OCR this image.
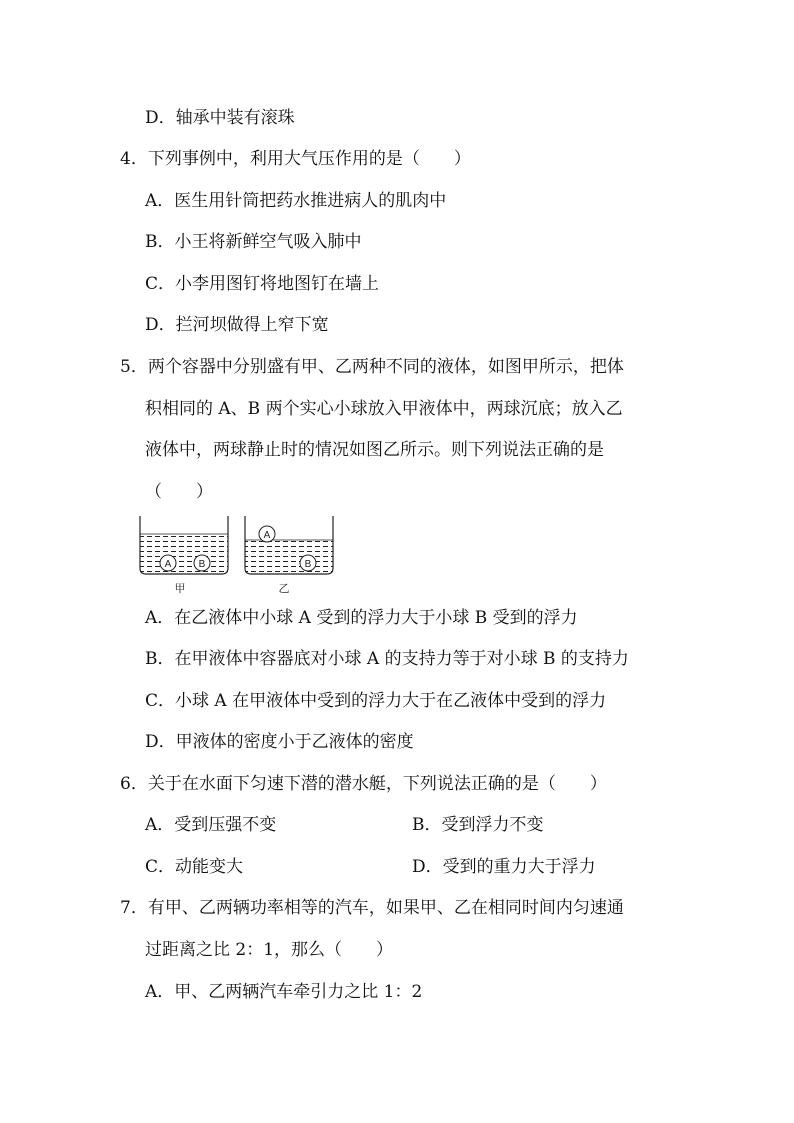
D．轴承中装有滚珠
4．下列事例中，利用大气压作用的是（　　）
A．医生用针筒把药水推进病人的肌肉中
B．小王将新鲜空气吸入肺中
C．小李用图钉将地图钉在墙上
D．拦河坝做得上窄下宽
5．两个容器中分别盛有甲、乙两种不同的液体，如图甲所示，把体
积相同的 A、B 两个实心小球放入甲液体中，两球沉底；放入乙
液体中，两球静止时的情况如图乙所示。则下列说法正确的是
（　　）
A	B
甲
A
B
乙
A．在乙液体中小球 A 受到的浮力大于小球 B 受到的浮力
B．在甲液体中容器底对小球 A 的支持力等于对小球 B 的支持力
C．小球 A 在甲液体中受到的浮力大于在乙液体中受到的浮力
D．甲液体的密度小于乙液体的密度
6．关于在水面下匀速下潜的潜水艇，下列说法正确的是（　　）
A．受到压强不变	B．受到浮力不变
C．动能变大	D．受到的重力大于浮力
7．有甲、乙两辆功率相等的汽车，如果甲、乙在相同时间内匀速通
过距离之比 2：1，那么（　　）
A．甲、乙两辆汽车牵引力之比 1：2
